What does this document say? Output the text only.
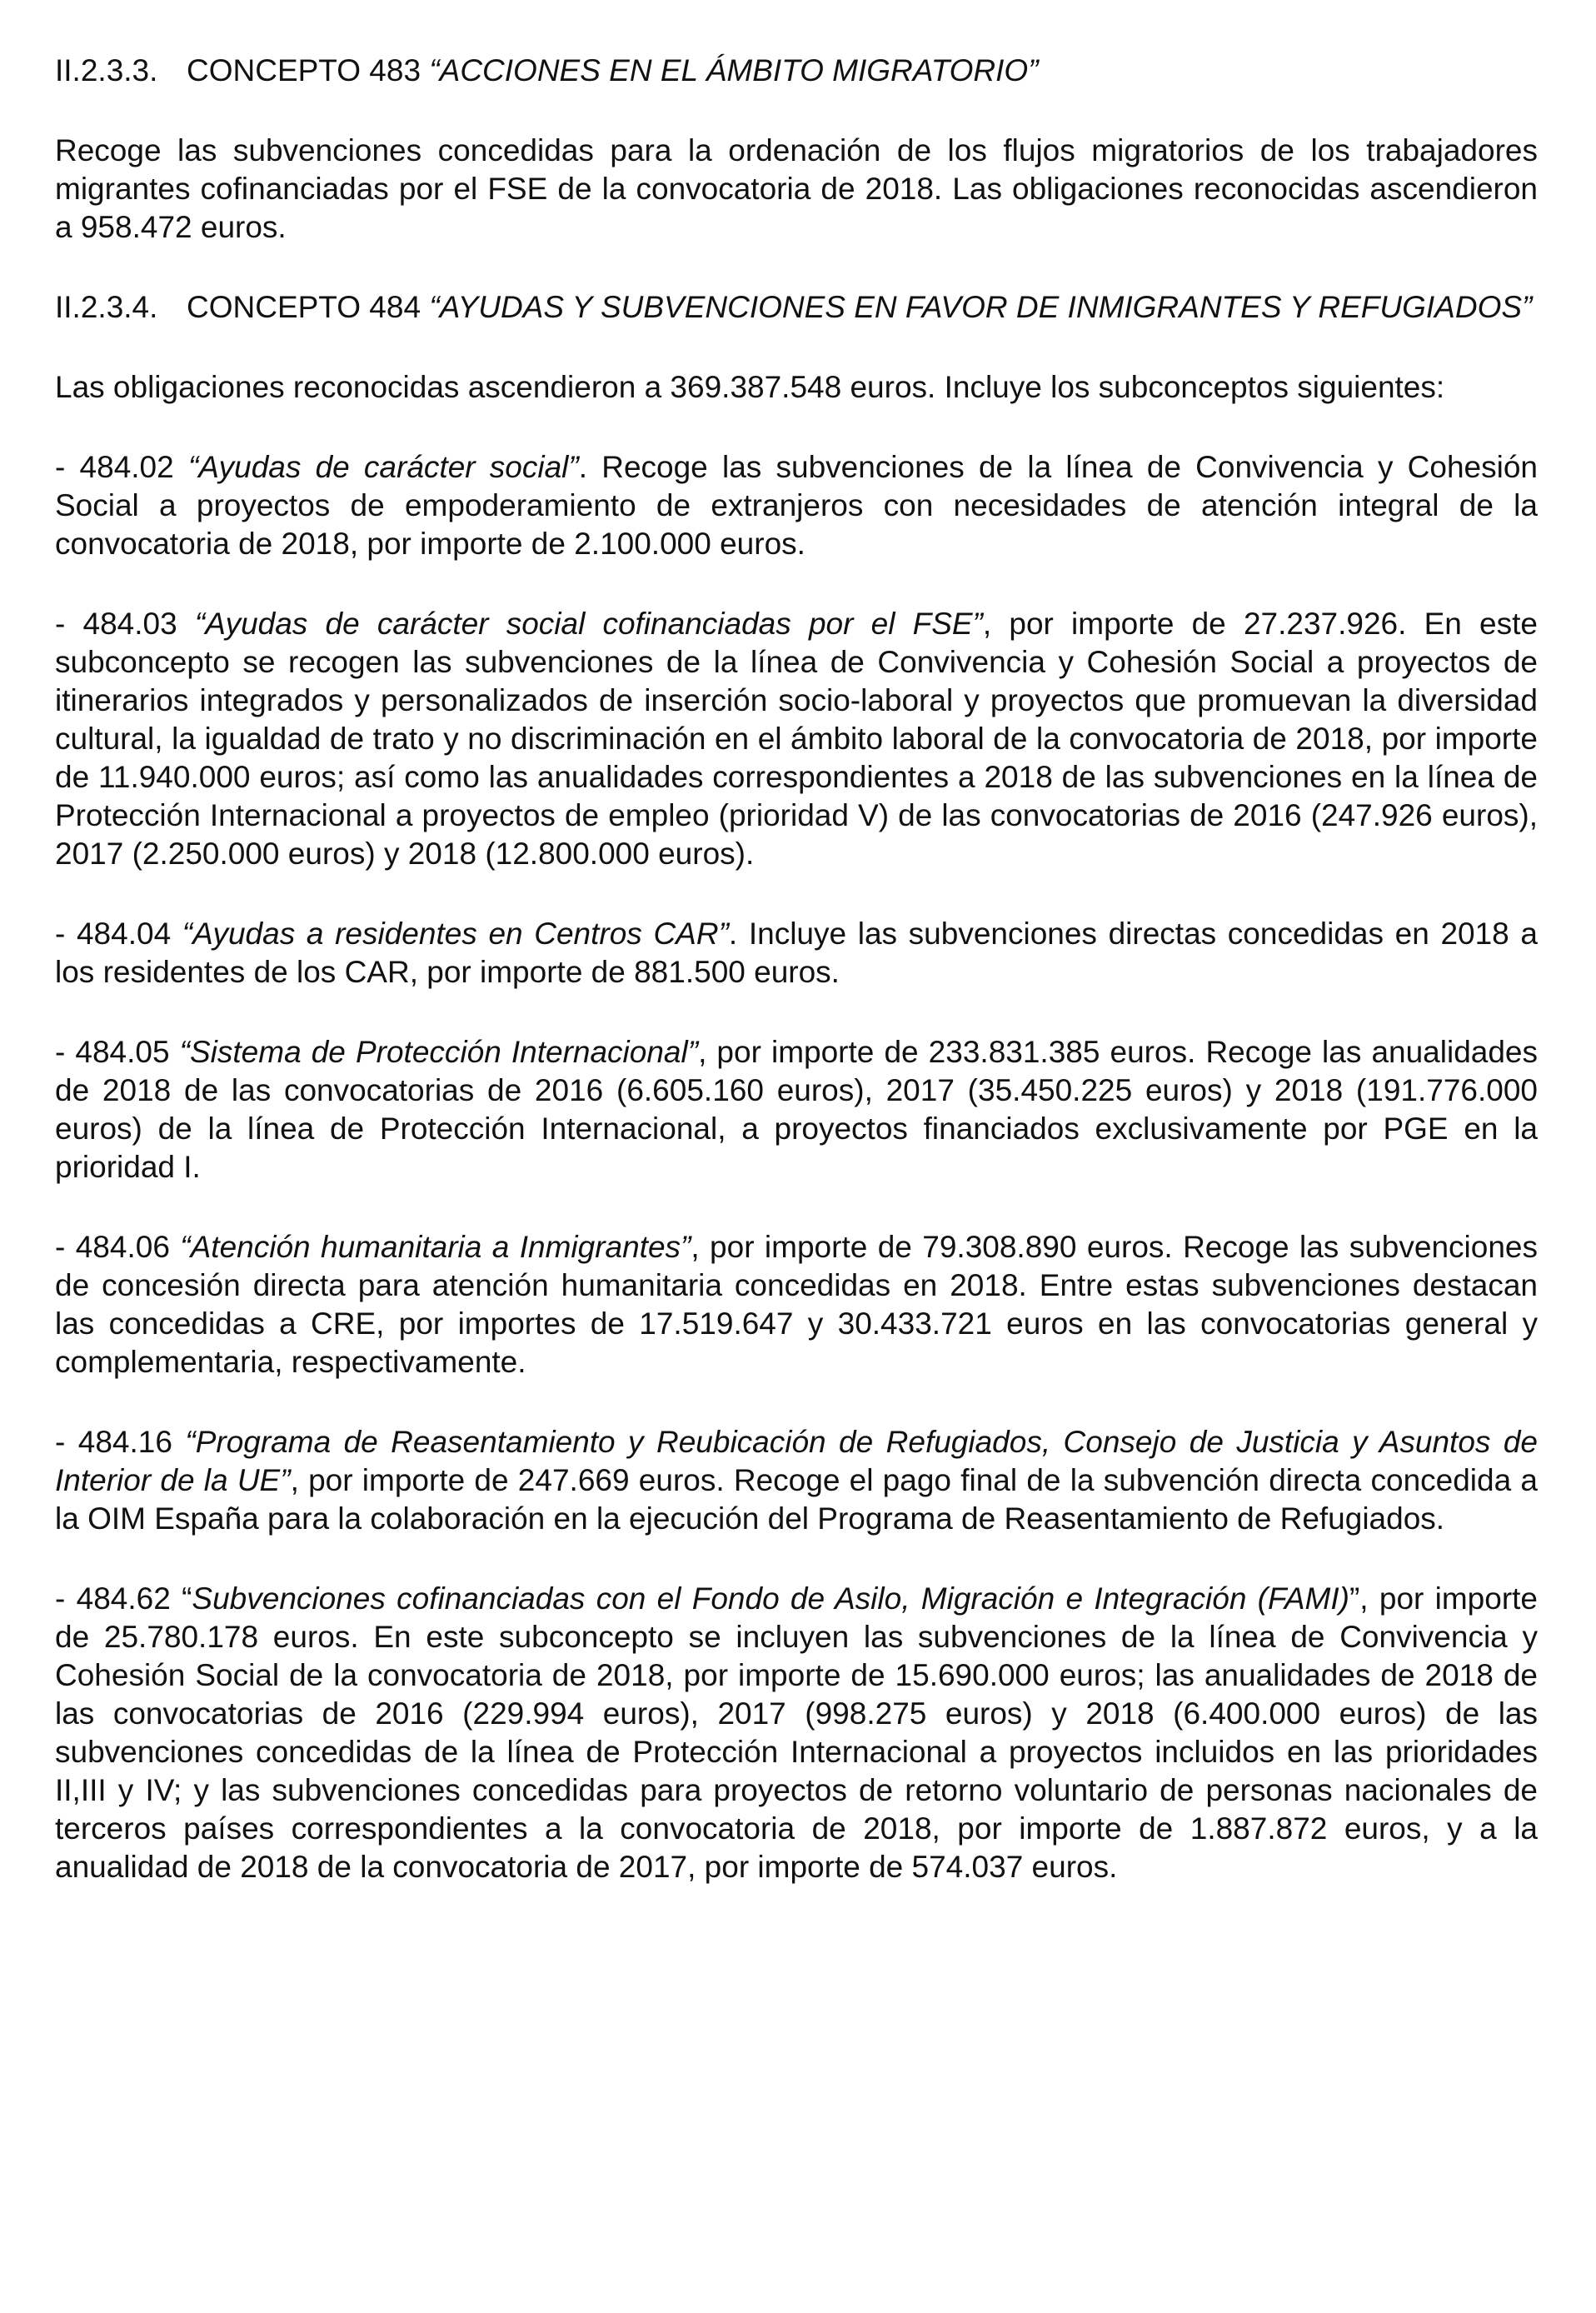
II.2.3.3. CONCEPTO 483 “ACCIONES EN EL ÁMBITO MIGRATORIO”

Recoge las subvenciones concedidas para la ordenación de los flujos migratorios de los trabajadores migrantes cofinanciadas por el FSE de la convocatoria de 2018. Las obligaciones reconocidas ascendieron a 958.472 euros.

II.2.3.4. CONCEPTO 484 “AYUDAS Y SUBVENCIONES EN FAVOR DE INMIGRANTES Y REFUGIADOS”

Las obligaciones reconocidas ascendieron a 369.387.548 euros. Incluye los subconceptos siguientes:

- 484.02 “Ayudas de carácter social”. Recoge las subvenciones de la línea de Convivencia y Cohesión Social a proyectos de empoderamiento de extranjeros con necesidades de atención integral de la convocatoria de 2018, por importe de 2.100.000 euros.

- 484.03 “Ayudas de carácter social cofinanciadas por el FSE”, por importe de 27.237.926. En este subconcepto se recogen las subvenciones de la línea de Convivencia y Cohesión Social a proyectos de itinerarios integrados y personalizados de inserción socio-laboral y proyectos que promuevan la diversidad cultural, la igualdad de trato y no discriminación en el ámbito laboral de la convocatoria de 2018, por importe de 11.940.000 euros; así como las anualidades correspondientes a 2018 de las subvenciones en la línea de Protección Internacional a proyectos de empleo (prioridad V) de las convocatorias de 2016 (247.926 euros), 2017 (2.250.000 euros) y 2018 (12.800.000 euros).

- 484.04 “Ayudas a residentes en Centros CAR”. Incluye las subvenciones directas concedidas en 2018 a los residentes de los CAR, por importe de 881.500 euros.

- 484.05 “Sistema de Protección Internacional”, por importe de 233.831.385 euros. Recoge las anualidades de 2018 de las convocatorias de 2016 (6.605.160 euros), 2017 (35.450.225 euros) y 2018 (191.776.000 euros) de la línea de Protección Internacional, a proyectos financiados exclusivamente por PGE en la prioridad I.

- 484.06 “Atención humanitaria a Inmigrantes”, por importe de 79.308.890 euros. Recoge las subvenciones de concesión directa para atención humanitaria concedidas en 2018. Entre estas subvenciones destacan las concedidas a CRE, por importes de 17.519.647 y 30.433.721 euros en las convocatorias general y complementaria, respectivamente.

- 484.16 “Programa de Reasentamiento y Reubicación de Refugiados, Consejo de Justicia y Asuntos de Interior de la UE”, por importe de 247.669 euros. Recoge el pago final de la subvención directa concedida a la OIM España para la colaboración en la ejecución del Programa de Reasentamiento de Refugiados.

- 484.62 “Subvenciones cofinanciadas con el Fondo de Asilo, Migración e Integración (FAMI)”, por importe de 25.780.178 euros. En este subconcepto se incluyen las subvenciones de la línea de Convivencia y Cohesión Social de la convocatoria de 2018, por importe de 15.690.000 euros; las anualidades de 2018 de las convocatorias de 2016 (229.994 euros), 2017 (998.275 euros) y 2018 (6.400.000 euros) de las subvenciones concedidas de la línea de Protección Internacional a proyectos incluidos en las prioridades II,III y IV; y las subvenciones concedidas para proyectos de retorno voluntario de personas nacionales de terceros países correspondientes a la convocatoria de 2018, por importe de 1.887.872 euros, y a la anualidad de 2018 de la convocatoria de 2017, por importe de 574.037 euros.
